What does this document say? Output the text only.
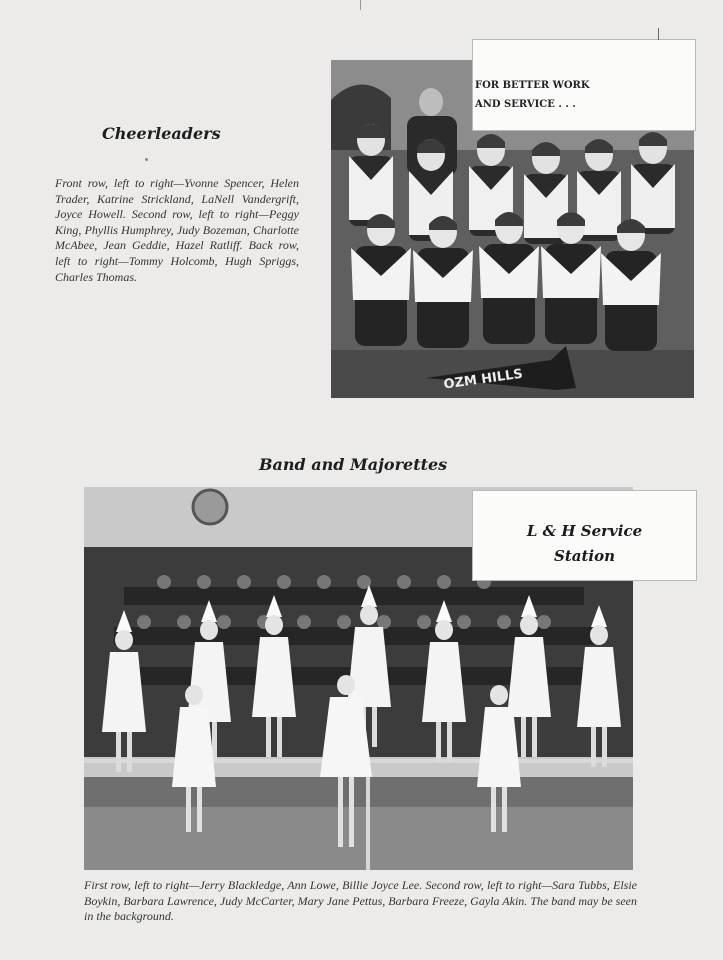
Cheerleaders
Front row, left to right—Yvonne Spencer, Helen Trader, Katrine Strickland, LaNell Vandergrift, Joyce Howell. Second row, left to right—Peggy King, Phyllis Humphrey, Judy Bozeman, Charlotte McAbee, Jean Geddie, Hazel Ratliff. Back row, left to right—Tommy Holcomb, Hugh Spriggs, Charles Thomas.
OZM HILLS
FOR BETTER WORK
AND SERVICE . . .
Band and Majorettes
L & H Service
Station
First row, left to right—Jerry Blackledge, Ann Lowe, Billie Joyce Lee. Second row, left to right—Sara Tubbs, Elsie Boykin, Barbara Lawrence, Judy McCarter, Mary Jane Pettus, Barbara Freeze, Gayla Akin. The band may be seen in the background.
